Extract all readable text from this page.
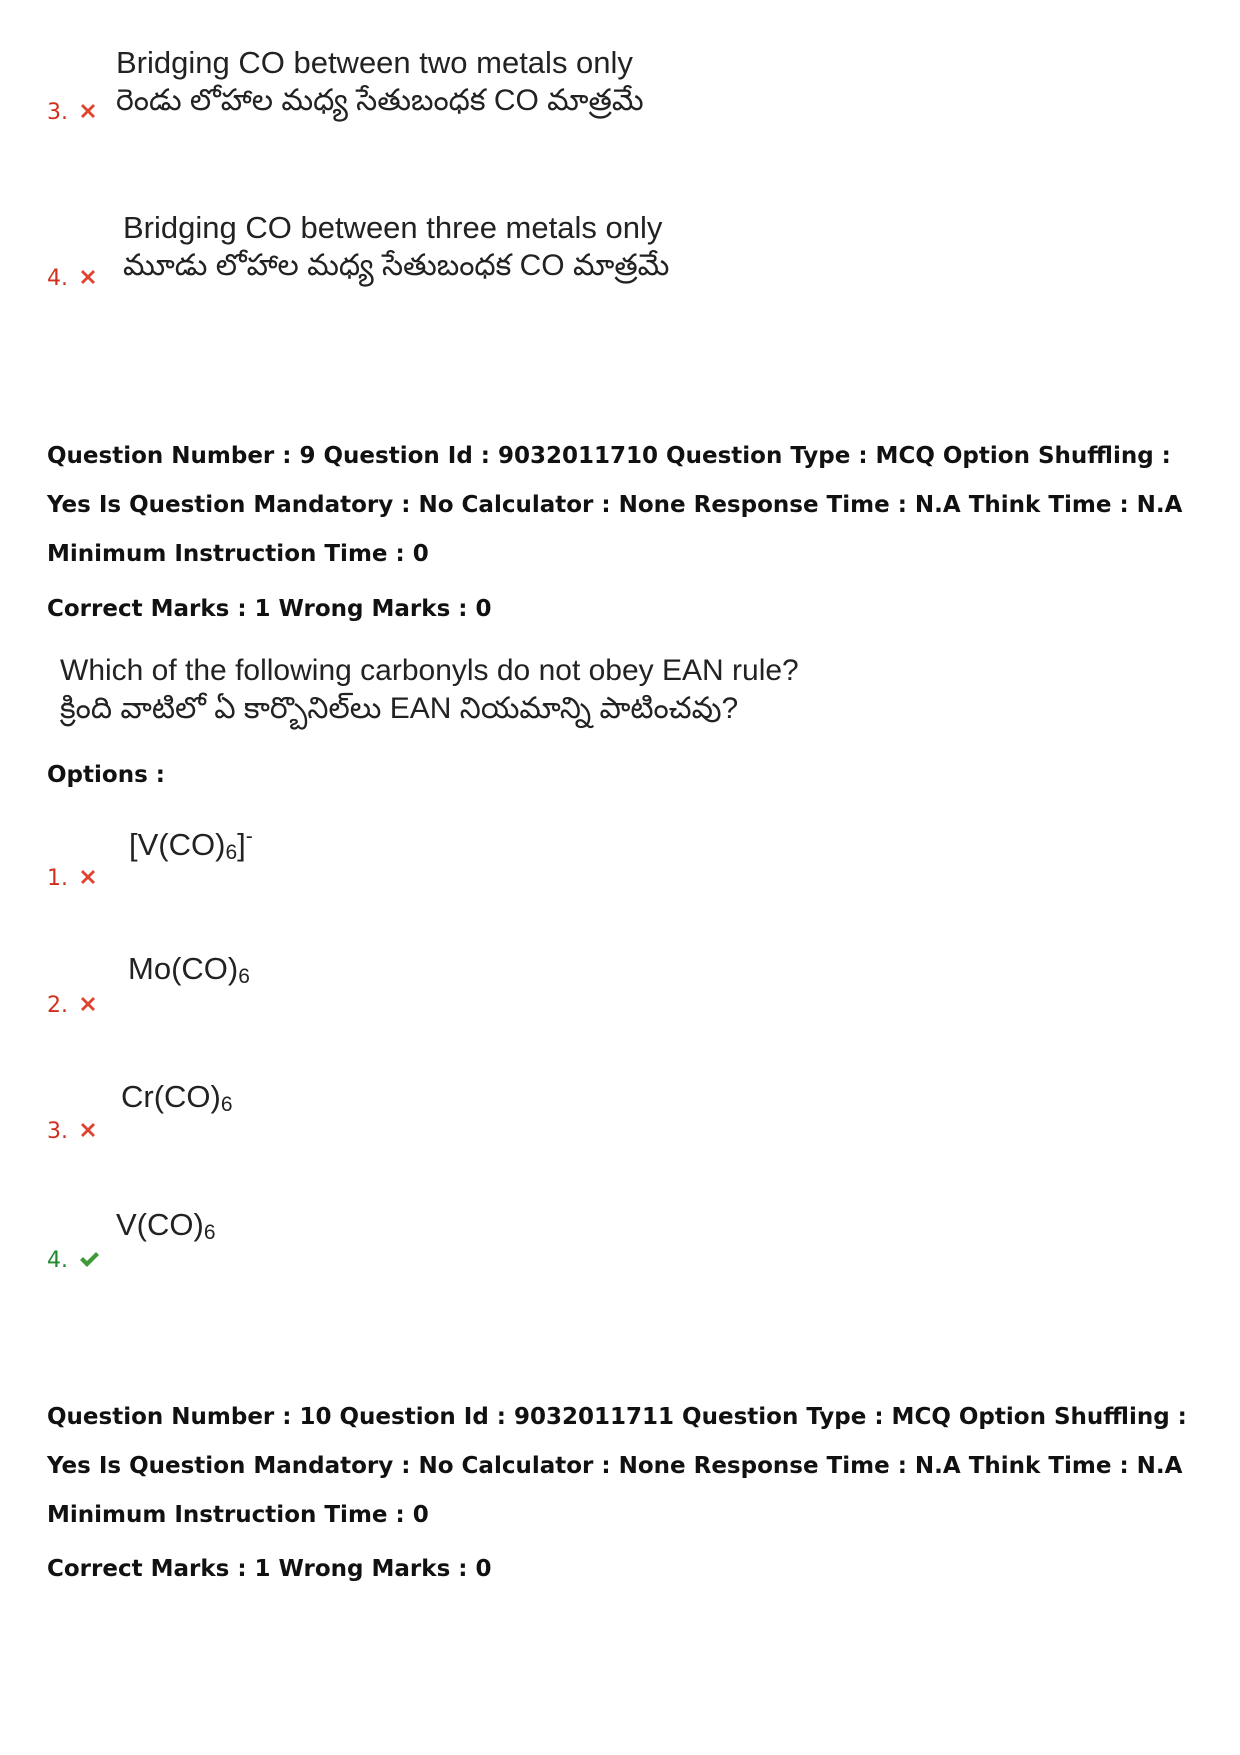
3.
Bridging CO between two metals only
రెండు లోహాల మధ్య సేతుబంధక CO మాత్రమే
4.
Bridging CO between three metals only
మూడు లోహాల మధ్య సేతుబంధక CO మాత్రమే
Question Number : 9 Question Id : 9032011710 Question Type : MCQ Option Shuffling : Yes Is Question Mandatory : No Calculator : None Response Time : N.A Think Time : N.A Minimum Instruction Time : 0
Correct Marks : 1 Wrong Marks : 0
Which of the following carbonyls do not obey EAN rule?
క్రింది వాటిలో ఏ కార్బొనిల్‌లు EAN నియమాన్ని పాటించవు?
Options :
1.
$[V(CO)_6]^-$
2.
$Mo(CO)_6$
3.
$Cr(CO)_6$
4.
$V(CO)_6$
Question Number : 10 Question Id : 9032011711 Question Type : MCQ Option Shuffling : Yes Is Question Mandatory : No Calculator : None Response Time : N.A Think Time : N.A Minimum Instruction Time : 0
Correct Marks : 1 Wrong Marks : 0
